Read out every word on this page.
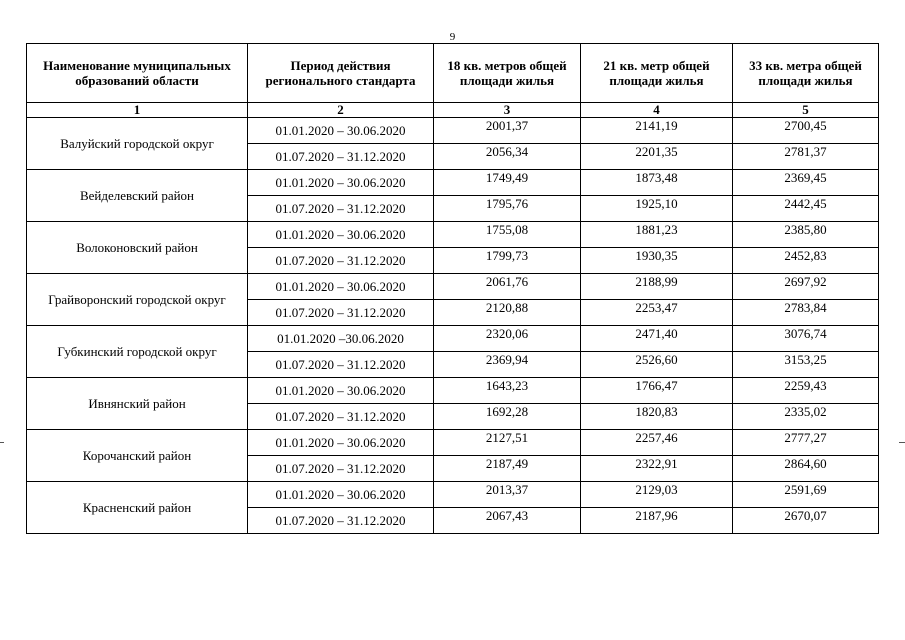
9
Наименование муниципальных образований области	Период действия регионального стандарта	18 кв. метров общей площади жилья	21 кв. метр общей площади жилья	33 кв. метра общей площади жилья
1	2	3	4	5
Валуйский городской округ	01.01.2020 – 30.06.2020	2001,37	2141,19	2700,45
	01.07.2020 – 31.12.2020	2056,34	2201,35	2781,37
Вейделевский район	01.01.2020 – 30.06.2020	1749,49	1873,48	2369,45
	01.07.2020 – 31.12.2020	1795,76	1925,10	2442,45
Волоконовский район	01.01.2020 – 30.06.2020	1755,08	1881,23	2385,80
	01.07.2020 – 31.12.2020	1799,73	1930,35	2452,83
Грайворонский городской округ	01.01.2020 – 30.06.2020	2061,76	2188,99	2697,92
	01.07.2020 – 31.12.2020	2120,88	2253,47	2783,84
Губкинский городской округ	01.01.2020 –30.06.2020	2320,06	2471,40	3076,74
	01.07.2020 – 31.12.2020	2369,94	2526,60	3153,25
Ивнянский район	01.01.2020 – 30.06.2020	1643,23	1766,47	2259,43
	01.07.2020 – 31.12.2020	1692,28	1820,83	2335,02
Корочанский район	01.01.2020 – 30.06.2020	2127,51	2257,46	2777,27
	01.07.2020 – 31.12.2020	2187,49	2322,91	2864,60
Красненский район	01.01.2020 – 30.06.2020	2013,37	2129,03	2591,69
	01.07.2020 – 31.12.2020	2067,43	2187,96	2670,07
